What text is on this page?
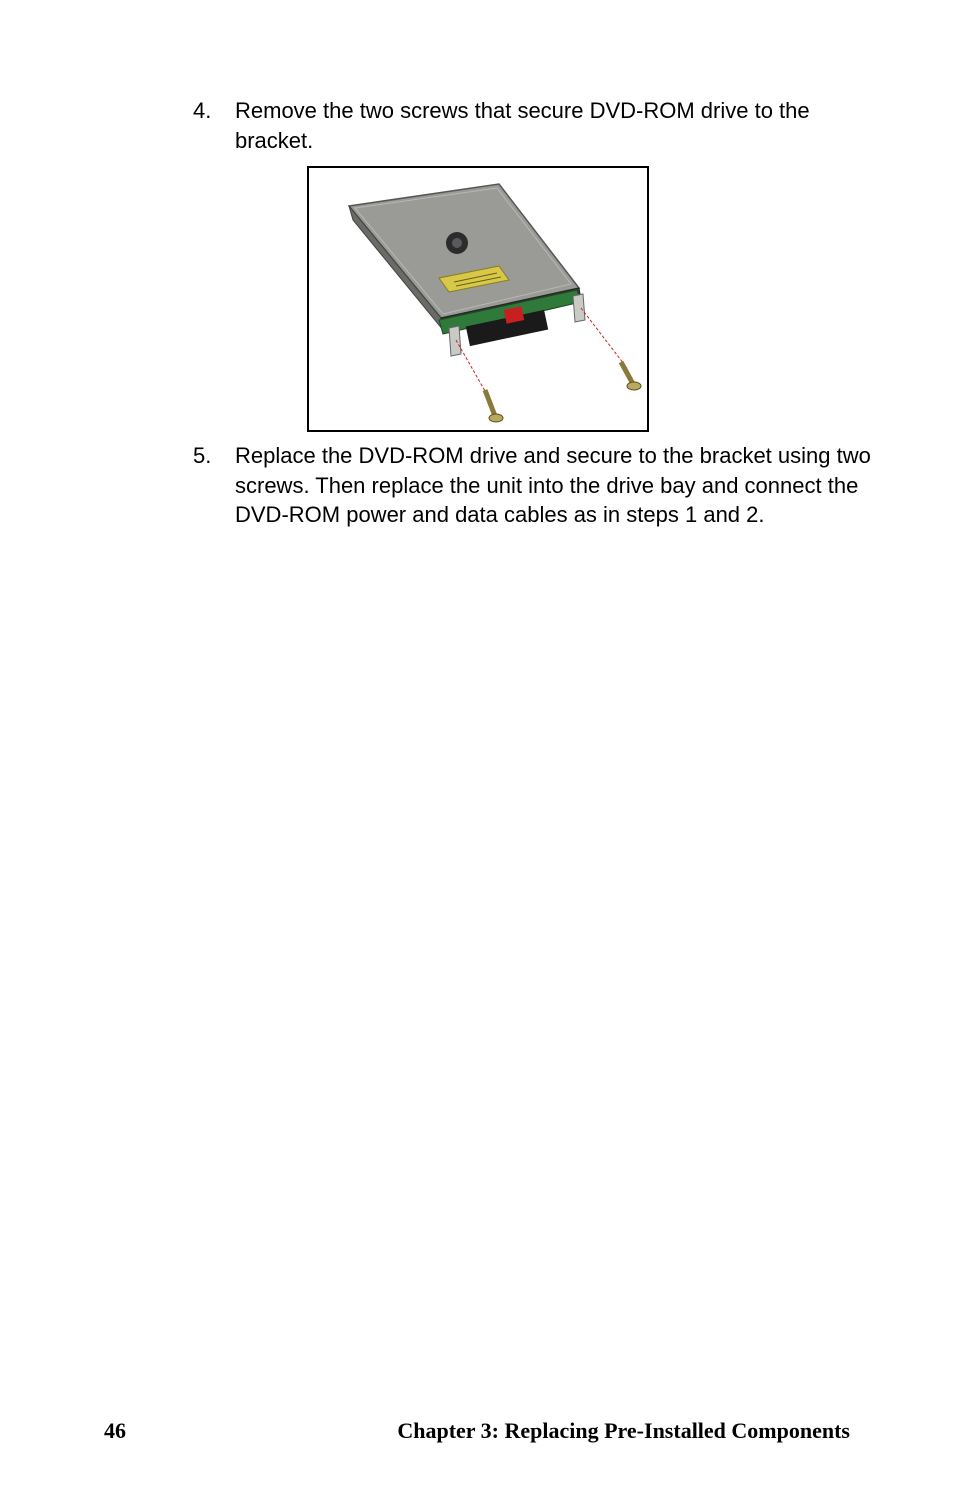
4. Remove the two screws that secure DVD-ROM drive to the bracket.
5. Replace the DVD-ROM drive and secure to the bracket using two screws. Then replace the unit into the drive bay and connect the DVD-ROM power and data cables as in steps 1 and 2.
46	Chapter 3: Replacing Pre-Installed Components
